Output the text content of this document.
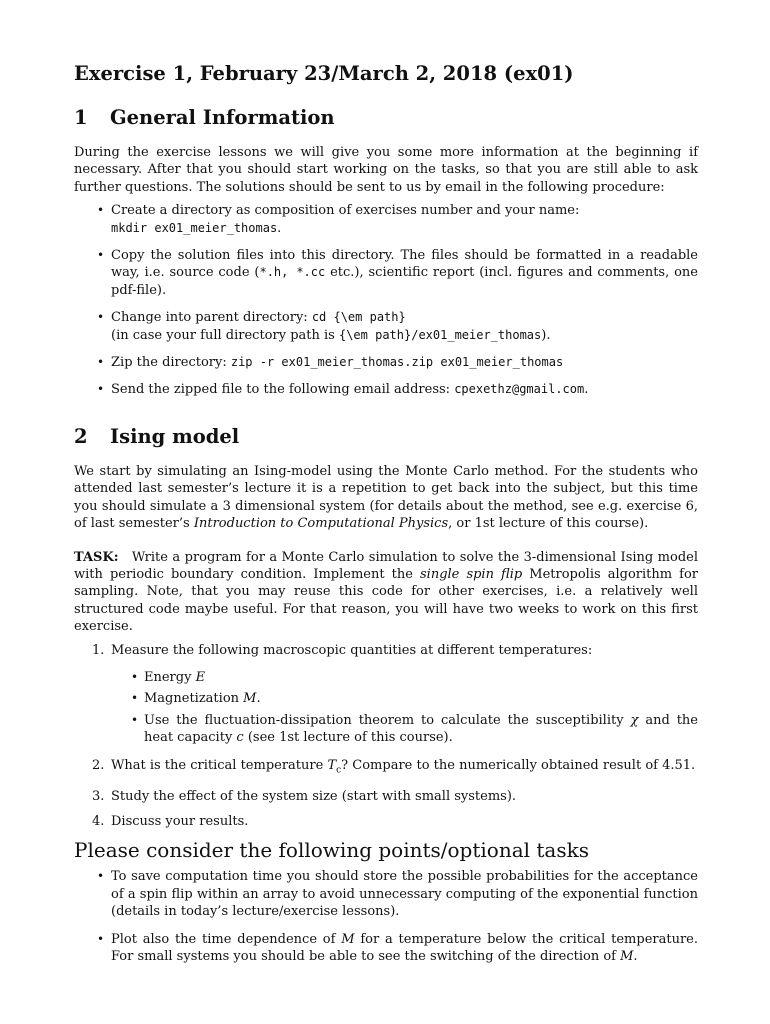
Exercise 1, February 23/March 2, 2018 (ex01)
1 General Information

During the exercise lessons we will give you some more information at the beginning if necessary. After that you should start working on the tasks, so that you are still able to ask further questions. The solutions should be sent to us by email in the following procedure:

• Create a directory as composition of exercises number and your name:
mkdir ex01_meier_thomas.
• Copy the solution files into this directory. The files should be formatted in a readable way, i.e. source code (*.h, *.cc etc.), scientific report (incl. figures and comments, one pdf-file).
• Change into parent directory: cd {\em path}
(in case your full directory path is {\em path}/ex01_meier_thomas).
• Zip the directory: zip -r ex01_meier_thomas.zip ex01_meier_thomas
• Send the zipped file to the following email address: cpexethz@gmail.com.
2 Ising model

We start by simulating an Ising-model using the Monte Carlo method. For the students who attended last semester’s lecture it is a repetition to get back into the subject, but this time you should simulate a 3 dimensional system (for details about the method, see e.g. exercise 6, of last semester’s Introduction to Computational Physics, or 1st lecture of this course).

TASK: Write a program for a Monte Carlo simulation to solve the 3-dimensional Ising model with periodic boundary condition. Implement the single spin flip Metropolis algorithm for sampling. Note, that you may reuse this code for other exercises, i.e. a relatively well structured code maybe useful. For that reason, you will have two weeks to work on this first exercise.

1. Measure the following macroscopic quantities at different temperatures:
• Energy E
• Magnetization M.
• Use the fluctuation-dissipation theorem to calculate the susceptibility χ and the heat capacity c (see 1st lecture of this course).
2. What is the critical temperature $T_c$? Compare to the numerically obtained result of 4.51.
3. Study the effect of the system size (start with small systems).
4. Discuss your results.
Please consider the following points/optional tasks
• To save computation time you should store the possible probabilities for the acceptance of a spin flip within an array to avoid unnecessary computing of the exponential function (details in today’s lecture/exercise lessons).
• Plot also the time dependence of M for a temperature below the critical temperature. For small systems you should be able to see the switching of the direction of M.
